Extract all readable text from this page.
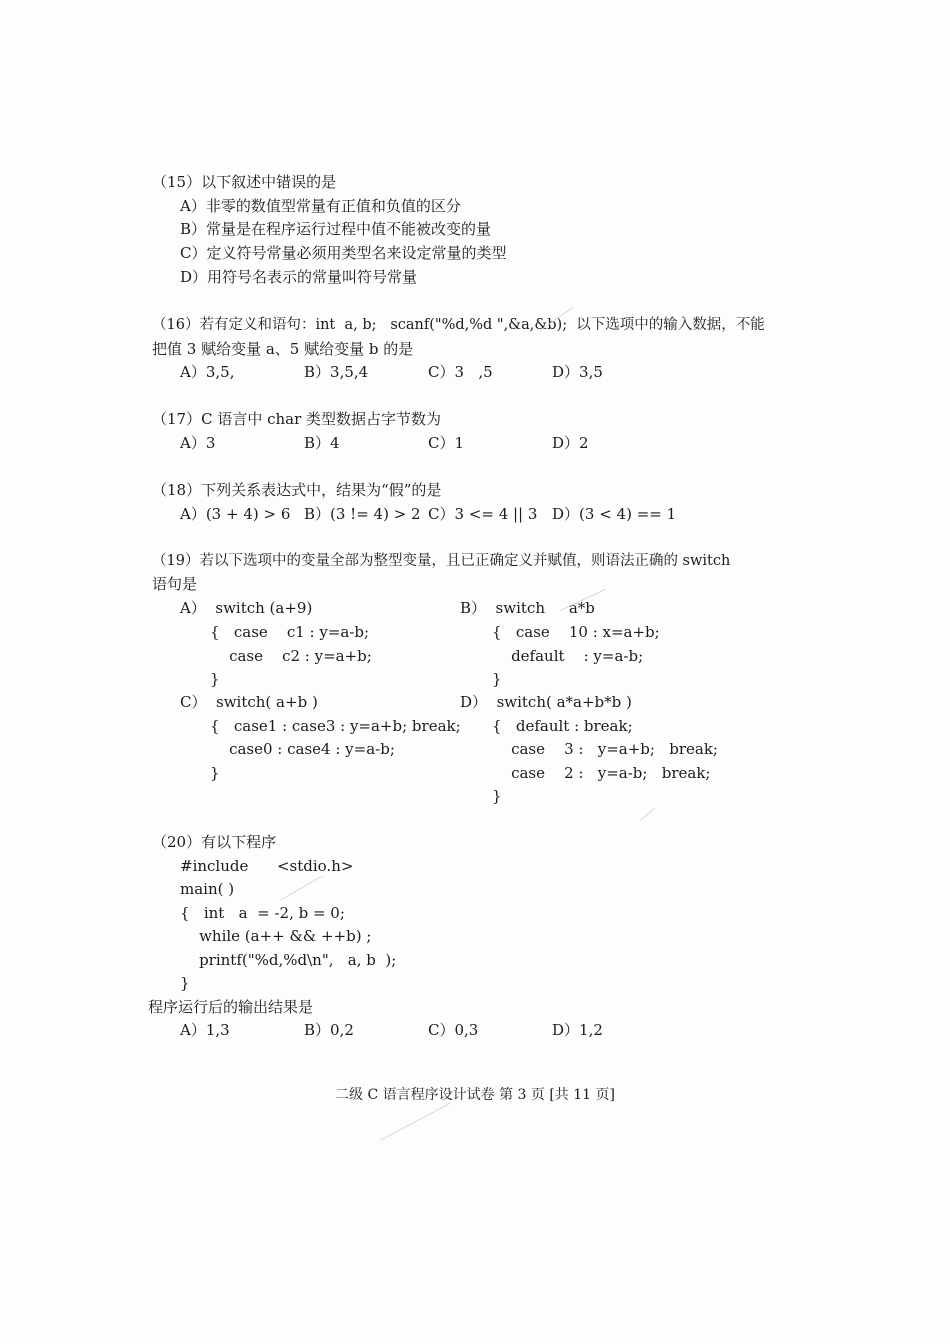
（15）以下叙述中错误的是
A）非零的数值型常量有正值和负值的区分
B）常量是在程序运行过程中值不能被改变的量
C）定义符号常量必须用类型名来设定常量的类型
D）用符号名表示的常量叫符号常量
（16）若有定义和语句：int  a, b;   scanf("%d,%d ",&a,&b);  以下选项中的输入数据，不能
把值 3 赋给变量 a、5 赋给变量 b 的是
A）3,5,	B）3,5,4	C）3   ,5	D）3,5
（17）C 语言中 char 类型数据占字节数为
A）3	B）4	C）1	D）2
（18）下列关系表达式中，结果为“假”的是
A）(3 + 4) > 6 B）(3 != 4) > 2 C）3 <= 4 || 3 D）(3 < 4) == 1
（19）若以下选项中的变量全部为整型变量，且已正确定义并赋值，则语法正确的 switch
语句是
A）  switch (a+9)
{   case    c1 : y=a-b;
case    c2 : y=a+b;
}
B）  switch     a*b
{   case    10 : x=a+b;
default    : y=a-b;
}
C）  switch( a+b )
{   case1 : case3 : y=a+b; break;
case0 : case4 : y=a-b;
}
D）  switch( a*a+b*b )
{   default : break;
case    3 :   y=a+b;   break;
case    2 :   y=a-b;   break;
}
（20）有以下程序
#include      <stdio.h>
main( )
{   int   a  = -2, b = 0;
while (a++ && ++b) ;
printf("%d,%d\n",   a, b  );
}
程序运行后的输出结果是
A）1,3	B）0,2	C）0,3	D）1,2
二级 C 语言程序设计试卷 第 3 页 [共 11 页]
